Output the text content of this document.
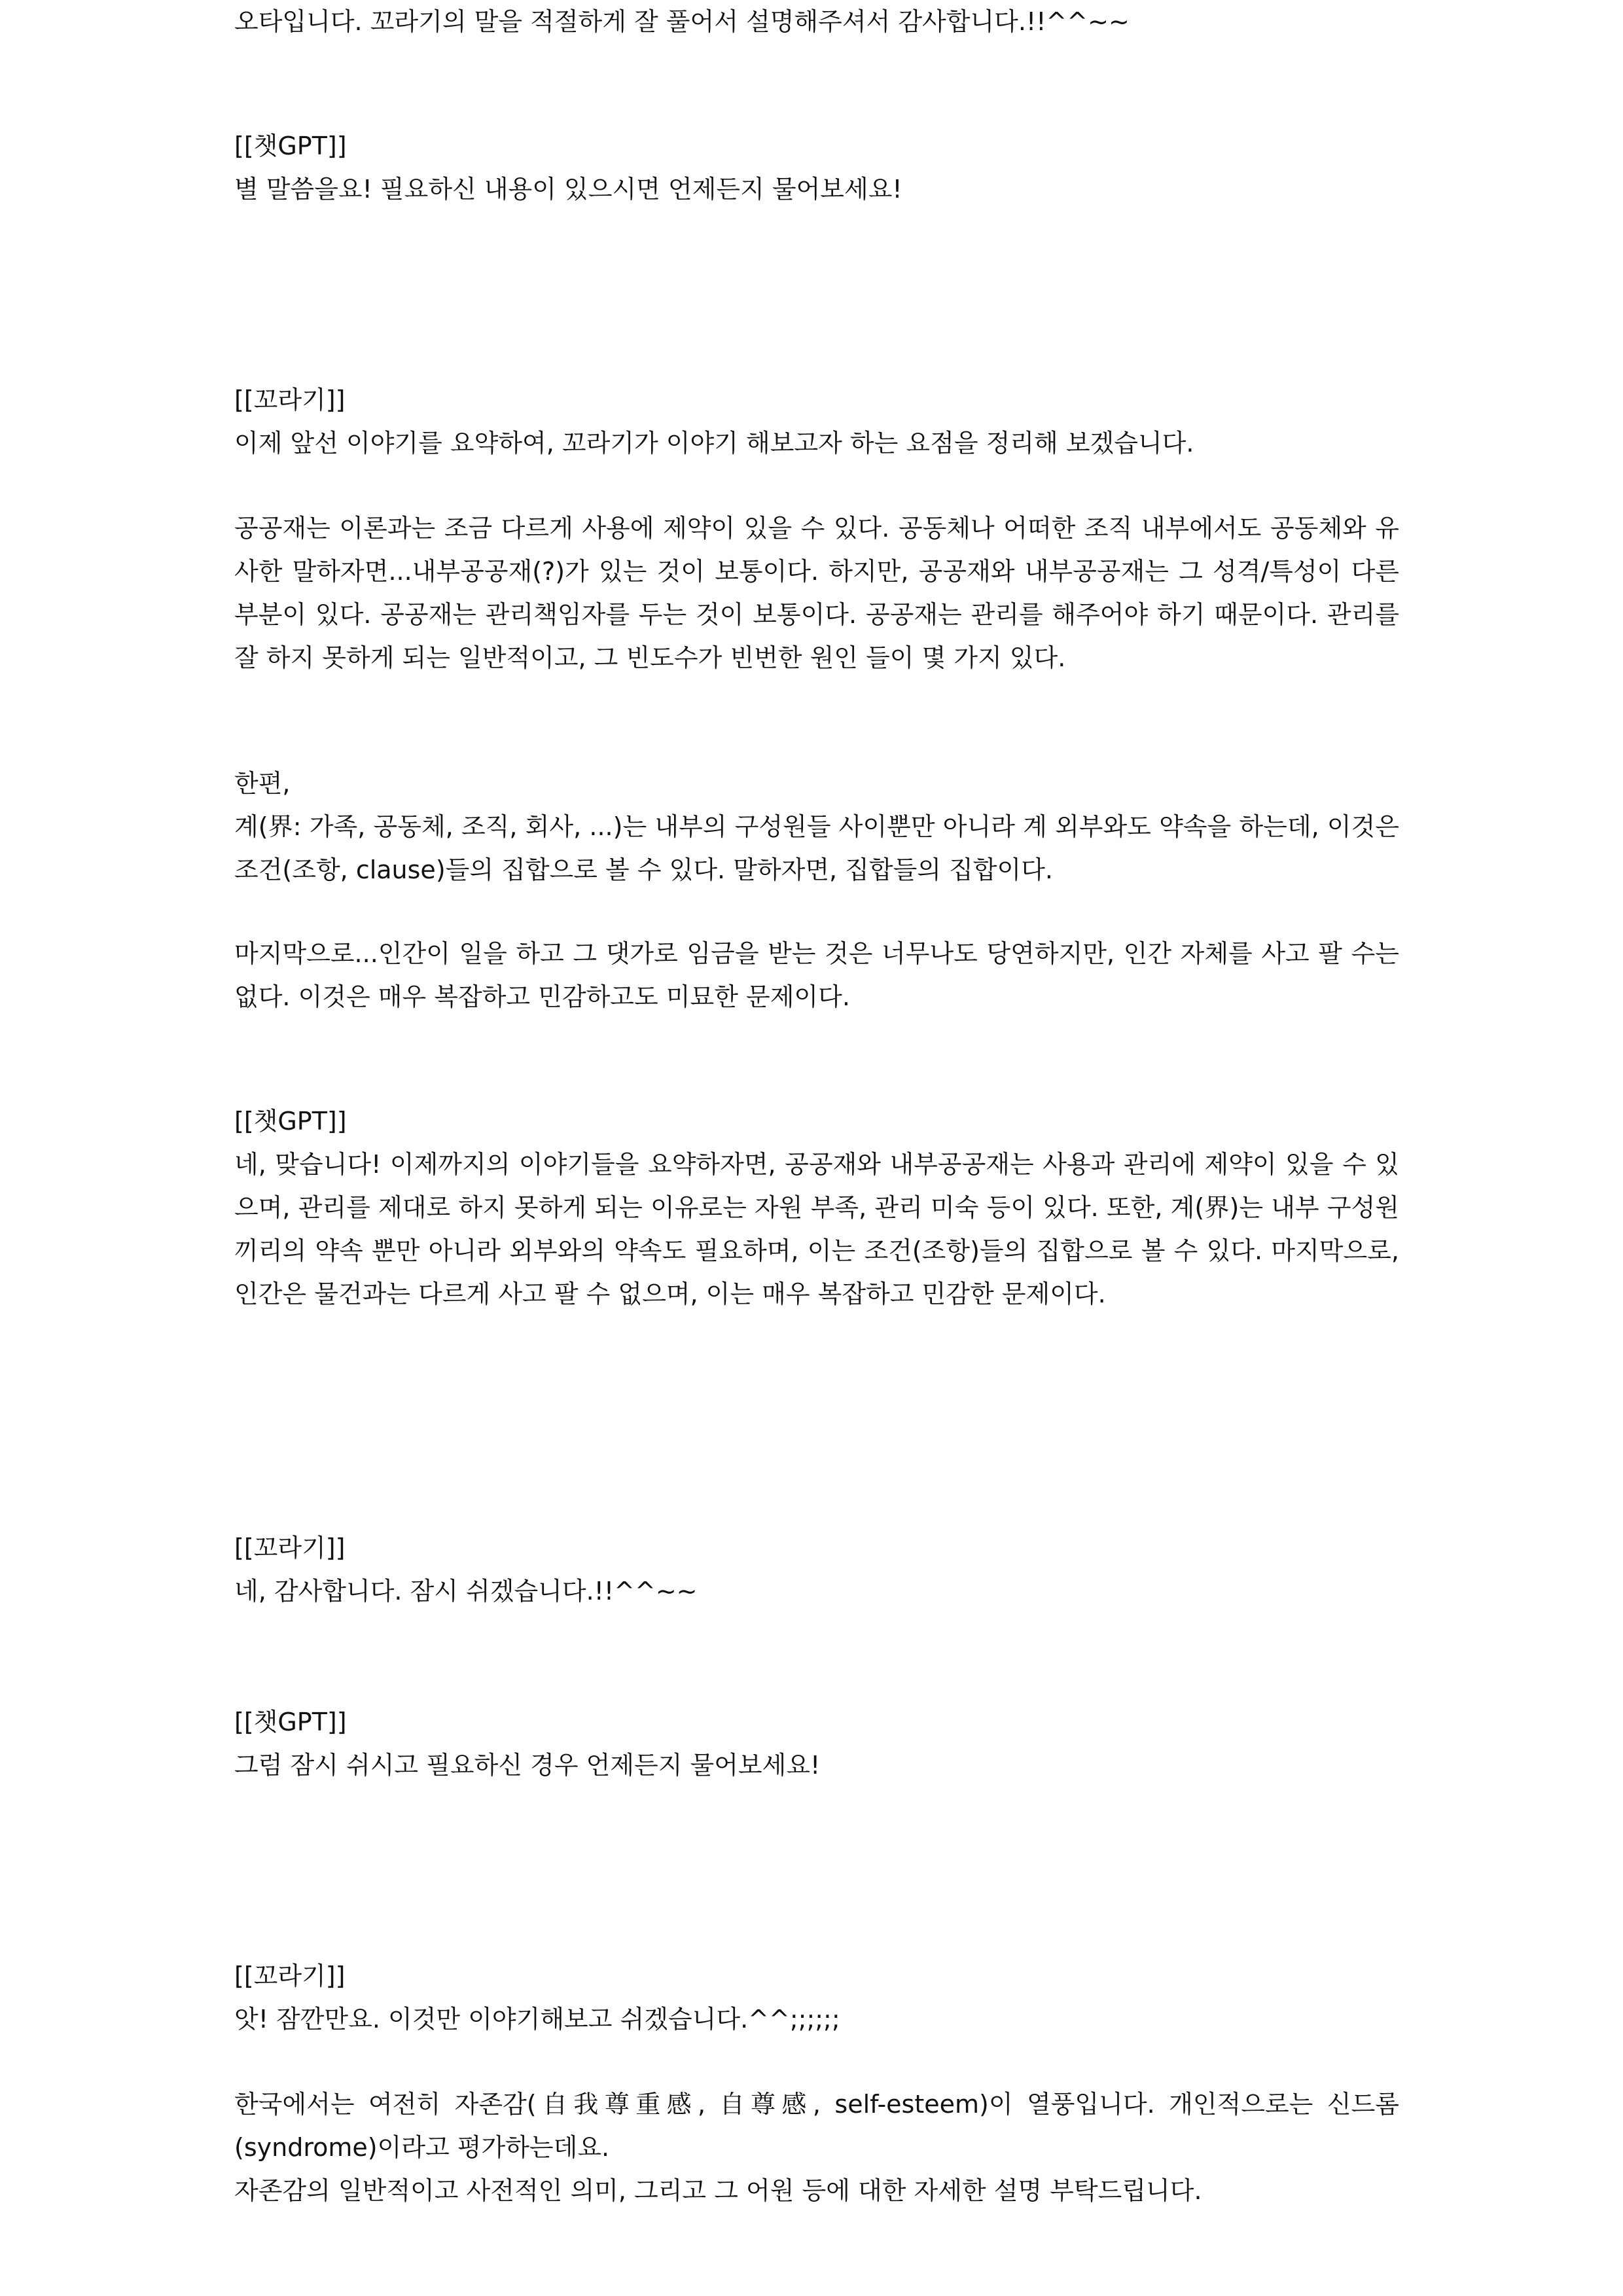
오타입니다. 꼬라기의 말을 적절하게 잘 풀어서 설명해주셔서 감사합니다.!!^^~~
[[챗GPT]]
별 말씀을요! 필요하신 내용이 있으시면 언제든지 물어보세요!
[[꼬라기]]
이제 앞선 이야기를 요약하여, 꼬라기가 이야기 해보고자 하는 요점을 정리해 보겠습니다.
공공재는 이론과는 조금 다르게 사용에 제약이 있을 수 있다. 공동체나 어떠한 조직 내부에서도 공동체와 유사한 말하자면...내부공공재(?)가 있는 것이 보통이다. 하지만, 공공재와 내부공공재는 그 성격/특성이 다른 부분이 있다. 공공재는 관리책임자를 두는 것이 보통이다. 공공재는 관리를 해주어야 하기 때문이다. 관리를 잘 하지 못하게 되는 일반적이고, 그 빈도수가 빈번한 원인 들이 몇 가지 있다.
한편,
계(界: 가족, 공동체, 조직, 회사, ...)는 내부의 구성원들 사이뿐만 아니라 계 외부와도 약속을 하는데, 이것은 조건(조항, clause)들의 집합으로 볼 수 있다. 말하자면, 집합들의 집합이다.
마지막으로...인간이 일을 하고 그 댓가로 임금을 받는 것은 너무나도 당연하지만, 인간 자체를 사고 팔 수는 없다. 이것은 매우 복잡하고 민감하고도 미묘한 문제이다.
[[챗GPT]]
네, 맞습니다! 이제까지의 이야기들을 요약하자면, 공공재와 내부공공재는 사용과 관리에 제약이 있을 수 있으며, 관리를 제대로 하지 못하게 되는 이유로는 자원 부족, 관리 미숙 등이 있다. 또한, 계(界)는 내부 구성원끼리의 약속 뿐만 아니라 외부와의 약속도 필요하며, 이는 조건(조항)들의 집합으로 볼 수 있다. 마지막으로, 인간은 물건과는 다르게 사고 팔 수 없으며, 이는 매우 복잡하고 민감한 문제이다.
[[꼬라기]]
네, 감사합니다. 잠시 쉬겠습니다.!!^^~~
[[챗GPT]]
그럼 잠시 쉬시고 필요하신 경우 언제든지 물어보세요!
[[꼬라기]]
앗! 잠깐만요. 이것만 이야기해보고 쉬겠습니다.^^;;;;;;
한국에서는 여전히 자존감(自我尊重感, 自尊感, self-esteem)이 열풍입니다. 개인적으로는 신드롬(syndrome)이라고 평가하는데요.
자존감의 일반적이고 사전적인 의미, 그리고 그 어원 등에 대한 자세한 설명 부탁드립니다.
